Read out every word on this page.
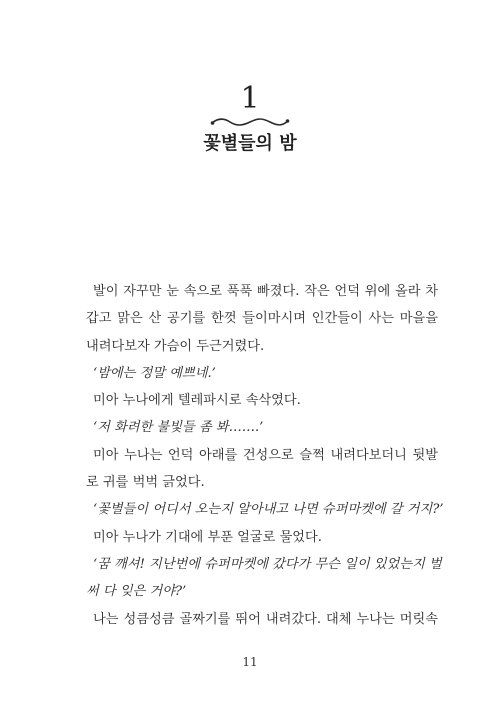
1
꽃별들의 밤
발이 자꾸만 눈 속으로 푹푹 빠졌다. 작은 언덕 위에 올라 차
갑고 맑은 산 공기를 한껏 들이마시며 인간들이 사는 마을을
내려다보자 가슴이 두근거렸다.
‘밤에는 정말 예쁘네.’
미아 누나에게 텔레파시로 속삭였다.
‘저 화려한 불빛들 좀 봐…….’
미아 누나는 언덕 아래를 건성으로 슬쩍 내려다보더니 뒷발
로 귀를 벅벅 긁었다.
‘꽃별들이 어디서 오는지 알아내고 나면 슈퍼마켓에 갈 거지?’
미아 누나가 기대에 부푼 얼굴로 물었다.
‘꿈 깨셔! 지난번에 슈퍼마켓에 갔다가 무슨 일이 있었는지 벌
써 다 잊은 거야?’
나는 성큼성큼 골짜기를 뛰어 내려갔다. 대체 누나는 머릿속
11
